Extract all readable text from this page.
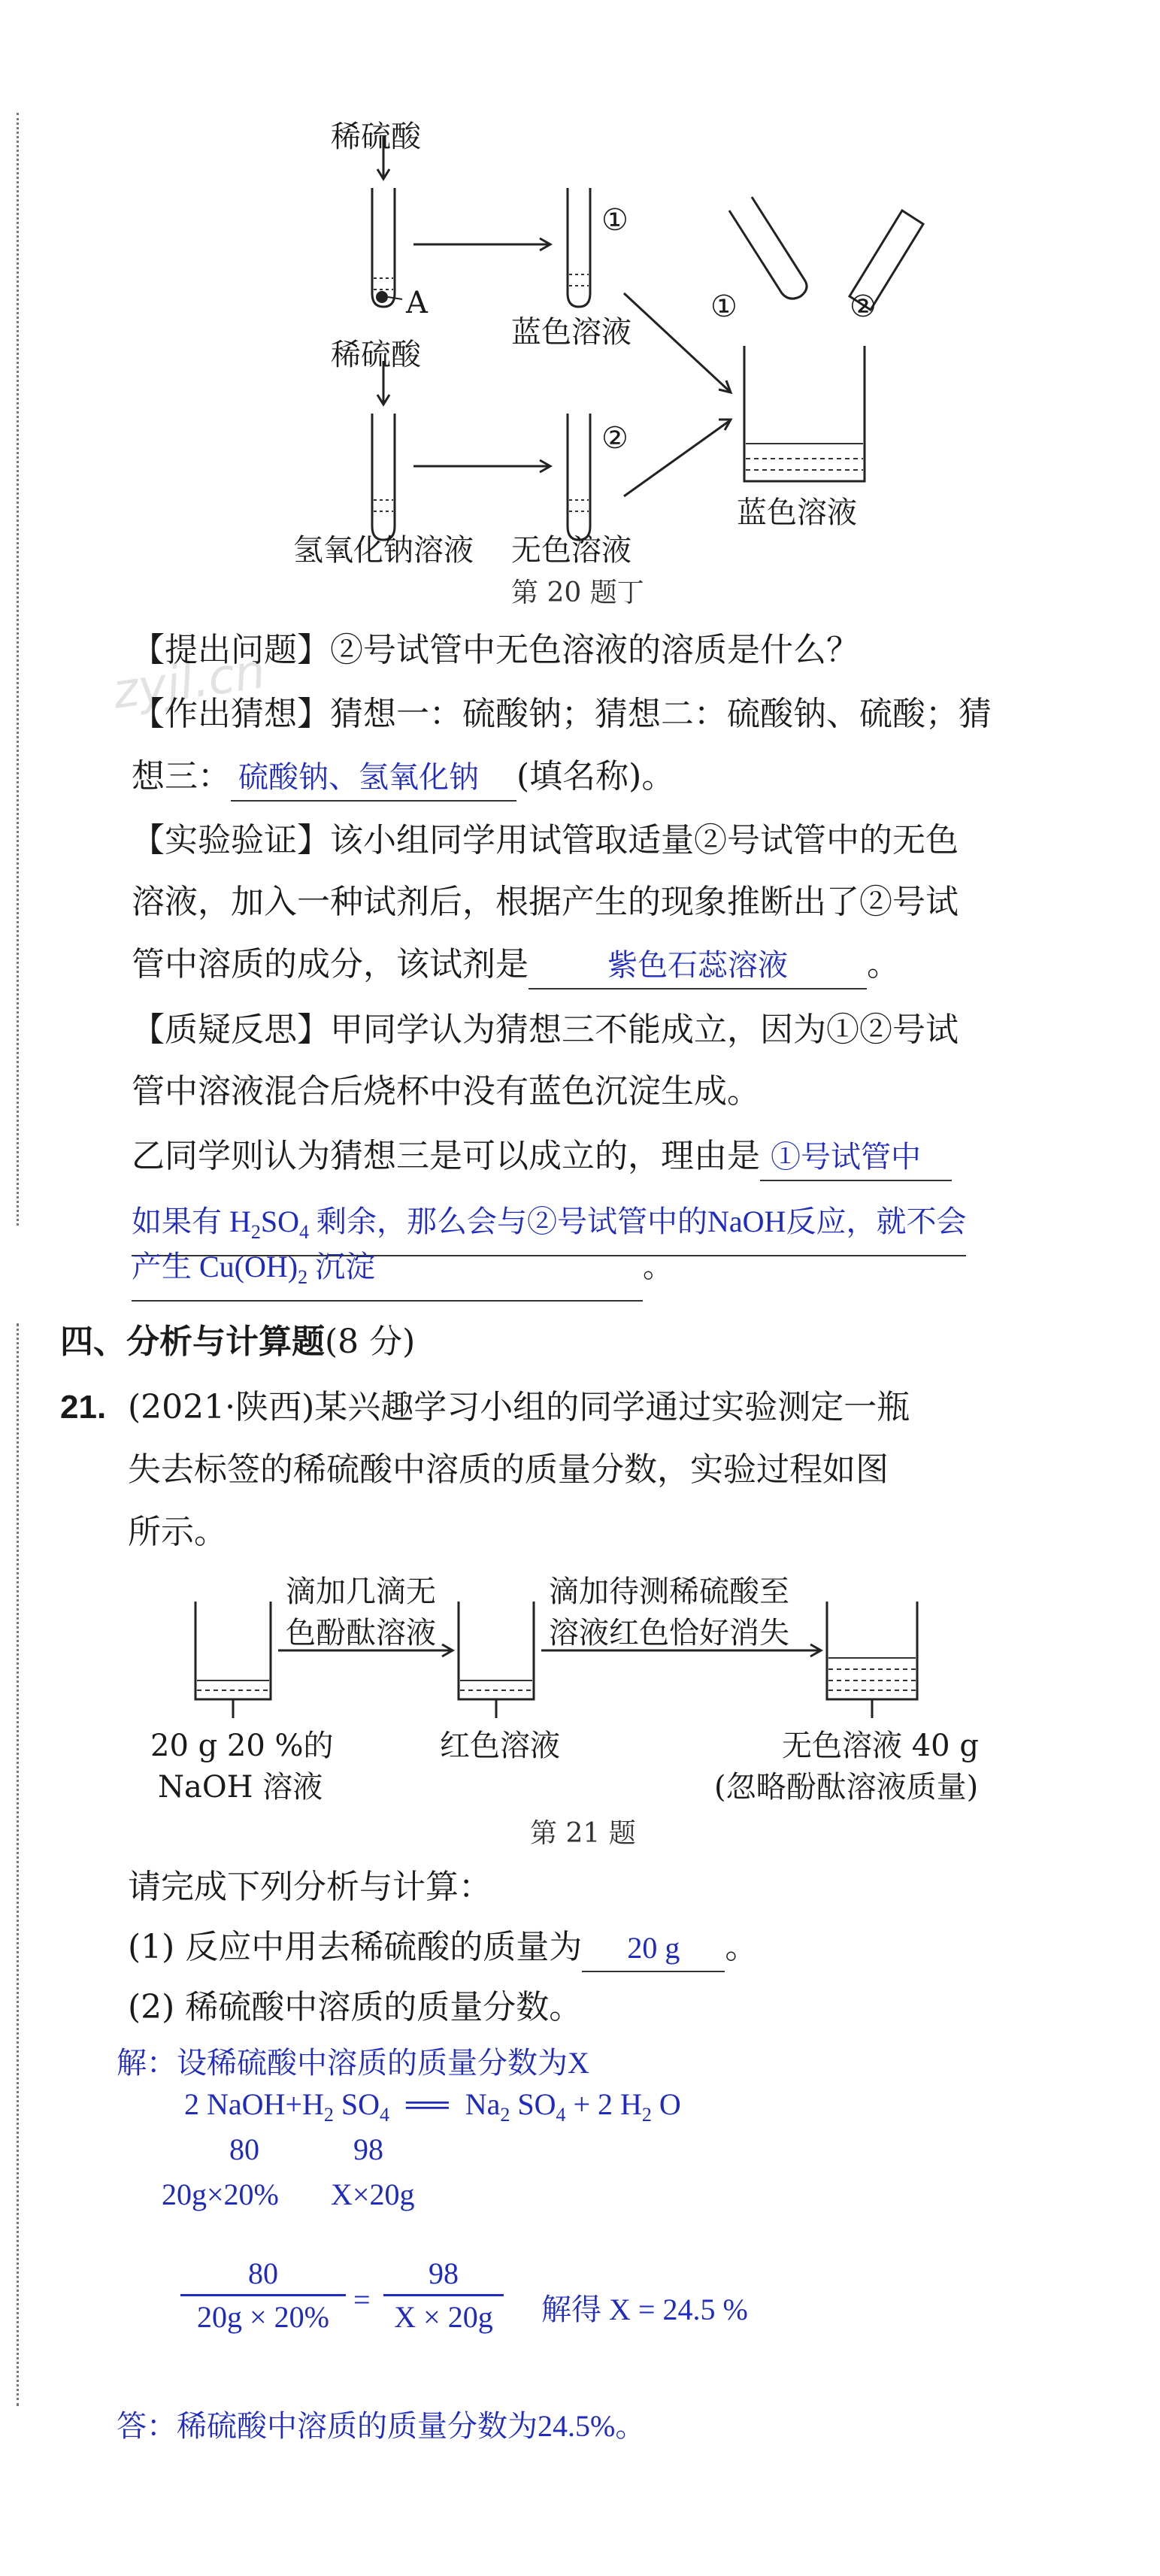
稀硫酸
A
稀硫酸
①
②
蓝色溶液
氢氧化钠溶液 无色溶液
①	②
蓝色溶液
第 20 题丁
zyjl.cn
【提出问题】②号试管中无色溶液的溶质是什么？
【作出猜想】猜想一：硫酸钠；猜想二：硫酸钠、硫酸；猜
想三： 硫酸钠、氢氧化钠 (填名称)。
【实验验证】该小组同学用试管取适量②号试管中的无色
溶液，加入一种试剂后，根据产生的现象推断出了②号试
管中溶质的成分，该试剂是	紫色石蕊溶液 。
【质疑反思】甲同学认为猜想三不能成立，因为①②号试
管中溶液混合后烧杯中没有蓝色沉淀生成。
乙同学则认为猜想三是可以成立的，理由是 ①号试管中
如果有 $H_2SO_4$ 剩余，那么会与②号试管中的NaOH反应，就不会
产生 $Cu(OH)_2$ 沉淀	。
四、分析与计算题(8 分)
21. (2021·陕西)某兴趣学习小组的同学通过实验测定一瓶
失去标签的稀硫酸中溶质的质量分数，实验过程如图
所示。
滴加几滴无
色酚酞溶液
滴加待测稀硫酸至
溶液红色恰好消失
20 g 20 %的
NaOH 溶液
红色溶液	无色溶液 40 g
(忽略酚酞溶液质量)
第 21 题
请完成下列分析与计算：
(1) 反应中用去稀硫酸的质量为 20 g 。
(2) 稀硫酸中溶质的质量分数。
解：设稀硫酸中溶质的质量分数为X
2 $NaOH+H_2$ $SO_4$ ══ $Na_2$ $SO_4 + 2$ $H_2$ O
80	98
20g×20% X×20g
80
20g × 20%
=
98
X × 20g	解得 X = 24.5 %
答：稀硫酸中溶质的质量分数为24.5%。
